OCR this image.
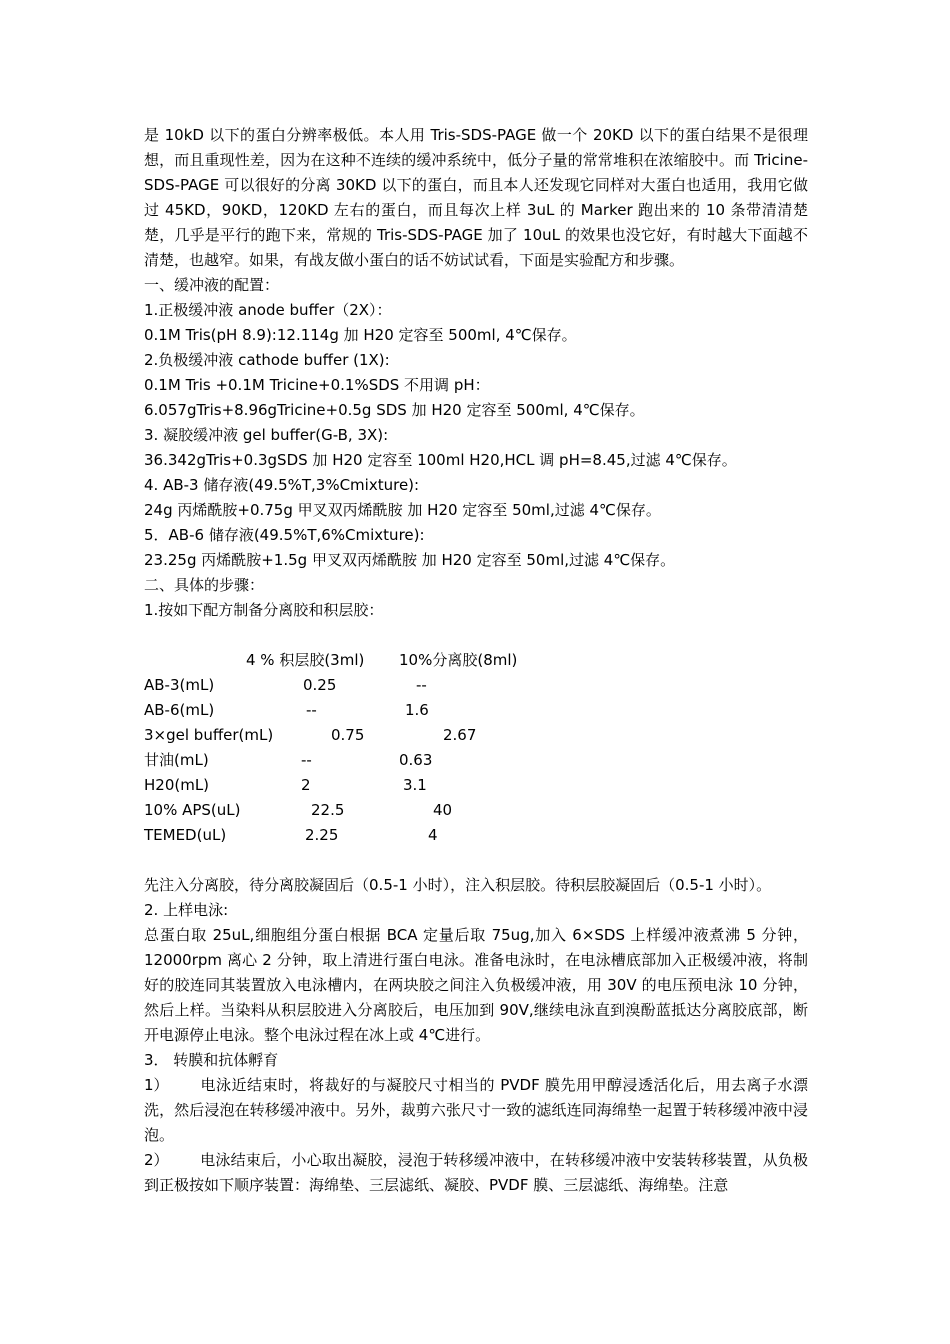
是 10kD 以下的蛋白分辨率极低。本人用 Tris-SDS-PAGE 做一个 20KD 以下的蛋白结果不是很理想，而且重现性差，因为在这种不连续的缓冲系统中，低分子量的常常堆积在浓缩胶中。而 Tricine-SDS-PAGE 可以很好的分离 30KD 以下的蛋白，而且本人还发现它同样对大蛋白也适用，我用它做过 45KD，90KD，120KD 左右的蛋白，而且每次上样 3uL 的 Marker 跑出来的 10 条带清清楚楚，几乎是平行的跑下来，常规的 Tris-SDS-PAGE 加了 10uL 的效果也没它好，有时越大下面越不清楚，也越窄。如果，有战友做小蛋白的话不妨试试看，下面是实验配方和步骤。

一、缓冲液的配置：

1.正极缓冲液 anode buffer（2X）：

0.1M Tris(pH 8.9):12.114g 加 H20 定容至 500ml, 4℃保存。

2.负极缓冲液 cathode buffer (1X):

0.1M Tris +0.1M Tricine+0.1%SDS 不用调 pH：

6.057gTris+8.96gTricine+0.5g SDS 加 H20 定容至 500ml, 4℃保存。

3. 凝胶缓冲液 gel buffer(G-B, 3X):

36.342gTris+0.3gSDS 加 H20 定容至 100ml H20,HCL 调 pH=8.45,过滤 4℃保存。

4. AB-3 储存液(49.5%T,3%Cmixture):

24g 丙烯酰胺+0.75g 甲叉双丙烯酰胺 加 H20 定容至 50ml,过滤 4℃保存。

5．AB-6 储存液(49.5%T,6%Cmixture):

23.25g 丙烯酰胺+1.5g 甲叉双丙烯酰胺 加 H20 定容至 50ml,过滤 4℃保存。

二、具体的步骤：

1.按如下配方制备分离胶和积层胶：

4 % 积层胶(3ml) 10%分离胶(8ml)
AB-3(mL)	0.25	--
AB-6(mL)	--	1.6
3×gel buffer(mL)	0.75	2.67
甘油(mL)	--	0.63
H20(mL)	2	3.1
10% APS(uL)	22.5	40
TEMED(uL)	2.25	4

先注入分离胶，待分离胶凝固后（0.5-1 小时），注入积层胶。待积层胶凝固后（0.5-1 小时）。

2. 上样电泳:

总蛋白取 25uL,细胞组分蛋白根据 BCA 定量后取 75ug,加入 6×SDS 上样缓冲液煮沸 5 分钟，12000rpm 离心 2 分钟，取上清进行蛋白电泳。准备电泳时，在电泳槽底部加入正极缓冲液，将制好的胶连同其装置放入电泳槽内，在两块胶之间注入负极缓冲液，用 30V 的电压预电泳 10 分钟，然后上样。当染料从积层胶进入分离胶后，电压加到 90V,继续电泳直到溴酚蓝抵达分离胶底部，断开电源停止电泳。整个电泳过程在冰上或 4℃进行。

3． 转膜和抗体孵育

1） 电泳近结束时，将裁好的与凝胶尺寸相当的 PVDF 膜先用甲醇浸透活化后，用去离子水漂洗，然后浸泡在转移缓冲液中。另外，裁剪六张尺寸一致的滤纸连同海绵垫一起置于转移缓冲液中浸泡。

2） 电泳结束后，小心取出凝胶，浸泡于转移缓冲液中，在转移缓冲液中安装转移装置，从负极到正极按如下顺序装置：海绵垫、三层滤纸、凝胶、PVDF 膜、三层滤纸、海绵垫。注意
